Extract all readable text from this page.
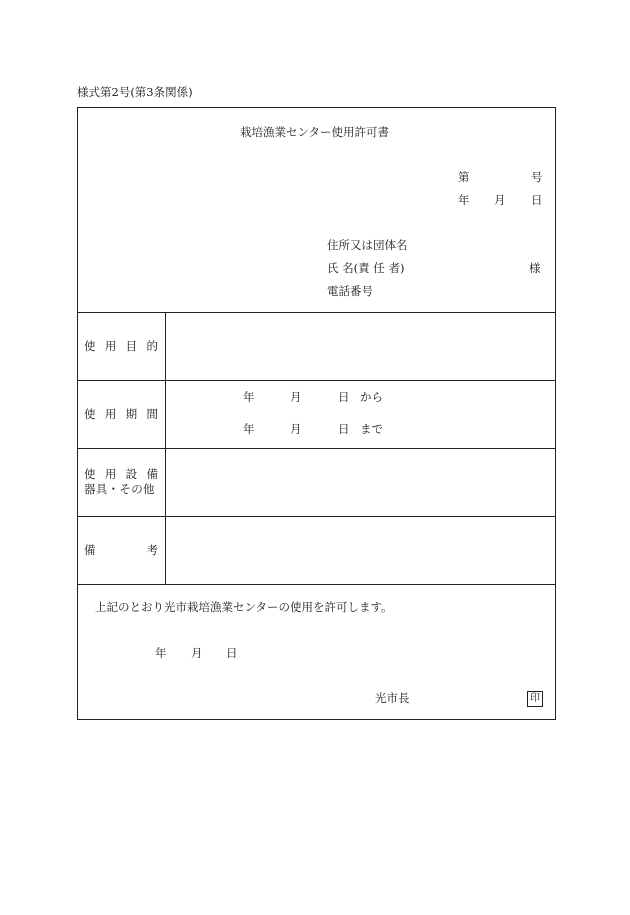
様式第2号(第3条関係)
栽培漁業センター使用許可書
第	号
年 月 日
住所又は団体名
氏 名(責 任 者)	様
電話番号
使 用 目 的
使 用 期 間
年	月	日 から
年	月	日 まで
使 用 設 備
器具・その他
備	考
上記のとおり光市栽培漁業センターの使用を許可します。
年 月 日
光市長	印
